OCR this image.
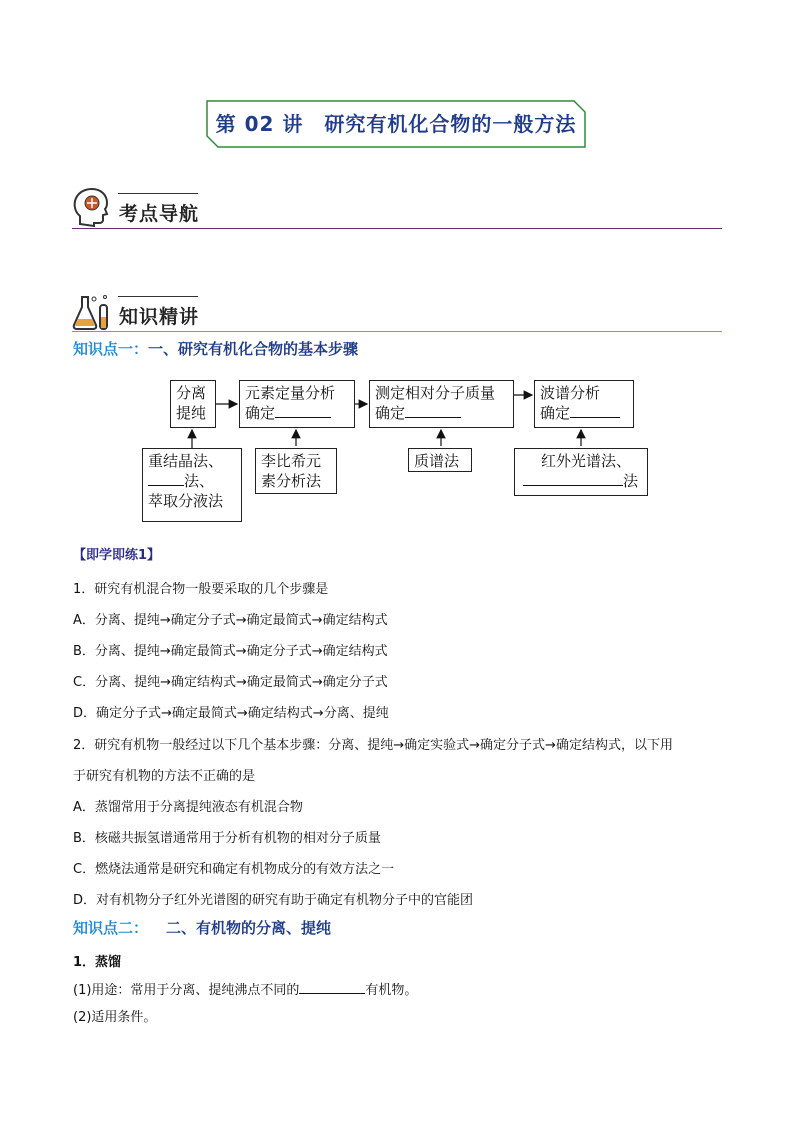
第 02 讲　研究有机化合物的一般方法
考点导航
知识精讲
知识点一：一、研究有机化合物的基本步骤
分离
提纯
元素定量分析
确定
测定相对分子质量
确定
波谱分析
确定
重结晶法、
法、
萃取分液法
李比希元
素分析法
质谱法	红外光谱法、
法
【即学即练1】
1．研究有机混合物一般要采取的几个步骤是
A．分离、提纯→确定分子式→确定最简式→确定结构式
B．分离、提纯→确定最简式→确定分子式→确定结构式
C．分离、提纯→确定结构式→确定最简式→确定分子式
D．确定分子式→确定最简式→确定结构式→分离、提纯
2．研究有机物一般经过以下几个基本步骤：分离、提纯→确定实验式→确定分子式→确定结构式，以下用
于研究有机物的方法不正确的是
A．蒸馏常用于分离提纯液态有机混合物
B．核磁共振氢谱通常用于分析有机物的相对分子质量
C．燃烧法通常是研究和确定有机物成分的有效方法之一
D．对有机物分子红外光谱图的研究有助于确定有机物分子中的官能团
知识点二： 二、有机物的分离、提纯
1．蒸馏
(1)用途：常用于分离、提纯沸点不同的	有机物。
(2)适用条件。
